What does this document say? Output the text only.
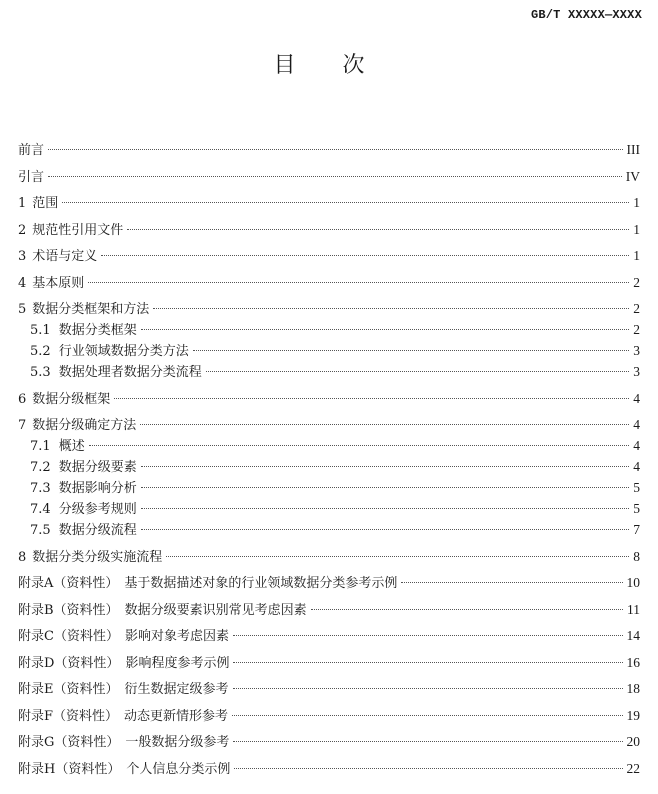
GB/T XXXXX—XXXX
目 次
前言	III
引言	IV
1 范围	1
2 规范性引用文件	1
3 术语与定义	1
4 基本原则	2
5 数据分类框架和方法	2
5.1 数据分类框架	2
5.2 行业领域数据分类方法	3
5.3 数据处理者数据分类流程	3
6 数据分级框架	4
7 数据分级确定方法	4
7.1 概述	4
7.2 数据分级要素	4
7.3 数据影响分析	5
7.4 分级参考规则	5
7.5 数据分级流程	7
8 数据分类分级实施流程	8
附录A（资料性） 基于数据描述对象的行业领域数据分类参考示例	10
附录B（资料性） 数据分级要素识别常见考虑因素	11
附录C（资料性） 影响对象考虑因素	14
附录D（资料性） 影响程度参考示例	16
附录E（资料性） 衍生数据定级参考	18
附录F（资料性） 动态更新情形参考	19
附录G（资料性） 一般数据分级参考	20
附录H（资料性） 个人信息分类示例	22
